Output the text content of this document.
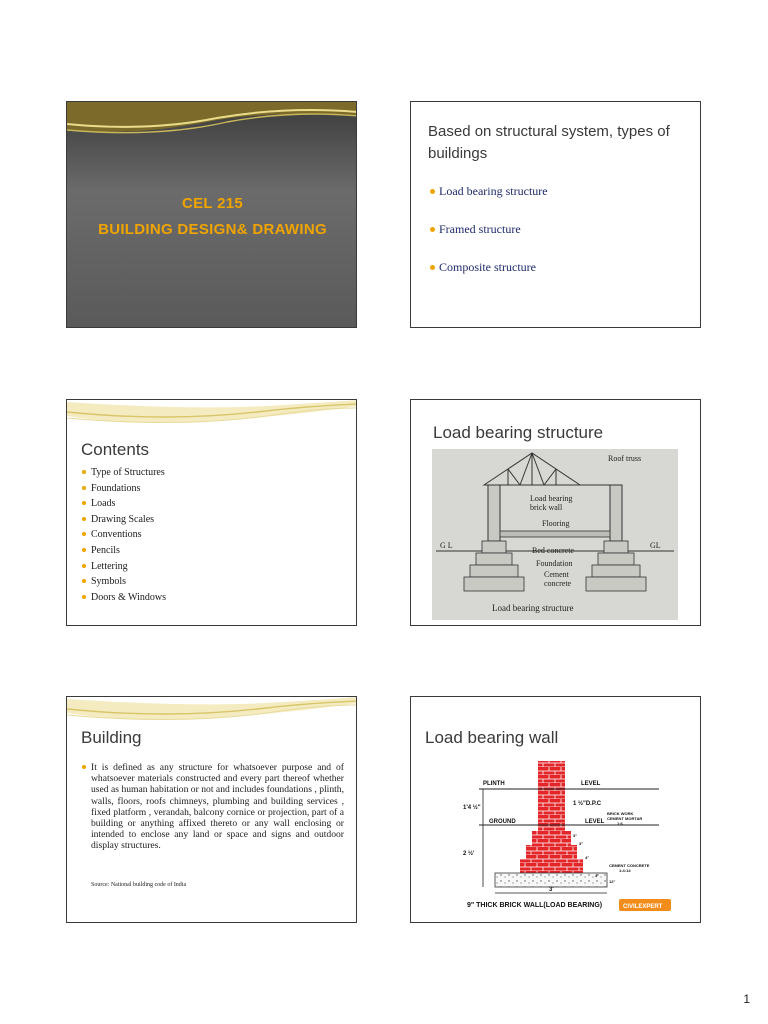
CEL 215
BUILDING DESIGN& DRAWING
Based on structural system, types of buildings
Load bearing structure
Framed structure
Composite structure
Contents
Type of Structures
Foundations
Loads
Drawing Scales
Conventions
Pencils
Lettering
Symbols
Doors & Windows
Load bearing structure
Roof truss
Load bearing
brick wall
Flooring
G L	GL
Bed concrete
Foundation
Cement
concrete
Load bearing structure
Building
It is defined as any structure for whatsoever purpose and of whatsoever materials constructed and every part thereof whether used as human habitation or not and includes foundations , plinth, walls, floors, roofs chimneys, plumbing and building services , fixed platform , verandah, balcony cornice or projection, part of a building or anything affixed thereto or any wall enclosing or intended to enclose any land or space and signs and outdoor display structures.
Source: National building code of India
Load bearing wall
PLINTH	LEVEL
1'4 ½"
1 ½"D.P.C
BRICK WORK
CEMENT MORTAR
1:6
GROUND	LEVEL
2 ½'
3"
3"
4"
4"
CEMENT CONCRETE
1:4:14
12"
3'
9" THICK BRICK WALL(LOAD BEARING)	CIVILEXPERT
1
